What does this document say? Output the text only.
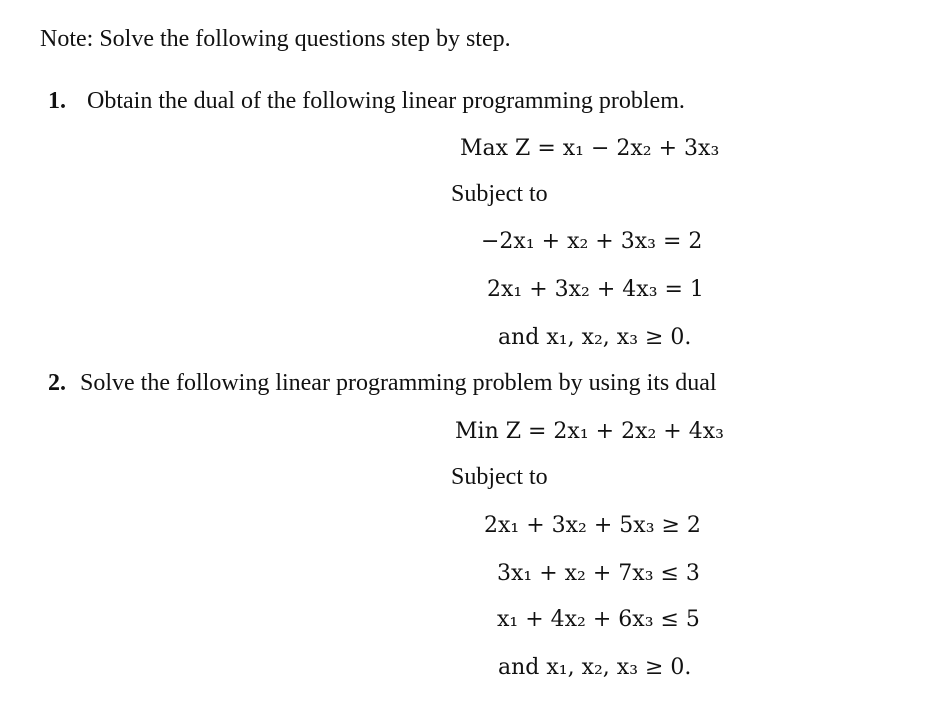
Note: Solve the following questions step by step.
1. Obtain the dual of the following linear programming problem.
Max Z = x₁ − 2x₂ + 3x₃
Subject to
−2x₁ + x₂ + 3x₃ = 2
2x₁ + 3x₂ + 4x₃ = 1
and x₁, x₂, x₃ ≥ 0.
2. Solve the following linear programming problem by using its dual
Min Z = 2x₁ + 2x₂ + 4x₃
Subject to
2x₁ + 3x₂ + 5x₃ ≥ 2
3x₁ + x₂ + 7x₃ ≤ 3
x₁ + 4x₂ + 6x₃ ≤ 5
and x₁, x₂, x₃ ≥ 0.
